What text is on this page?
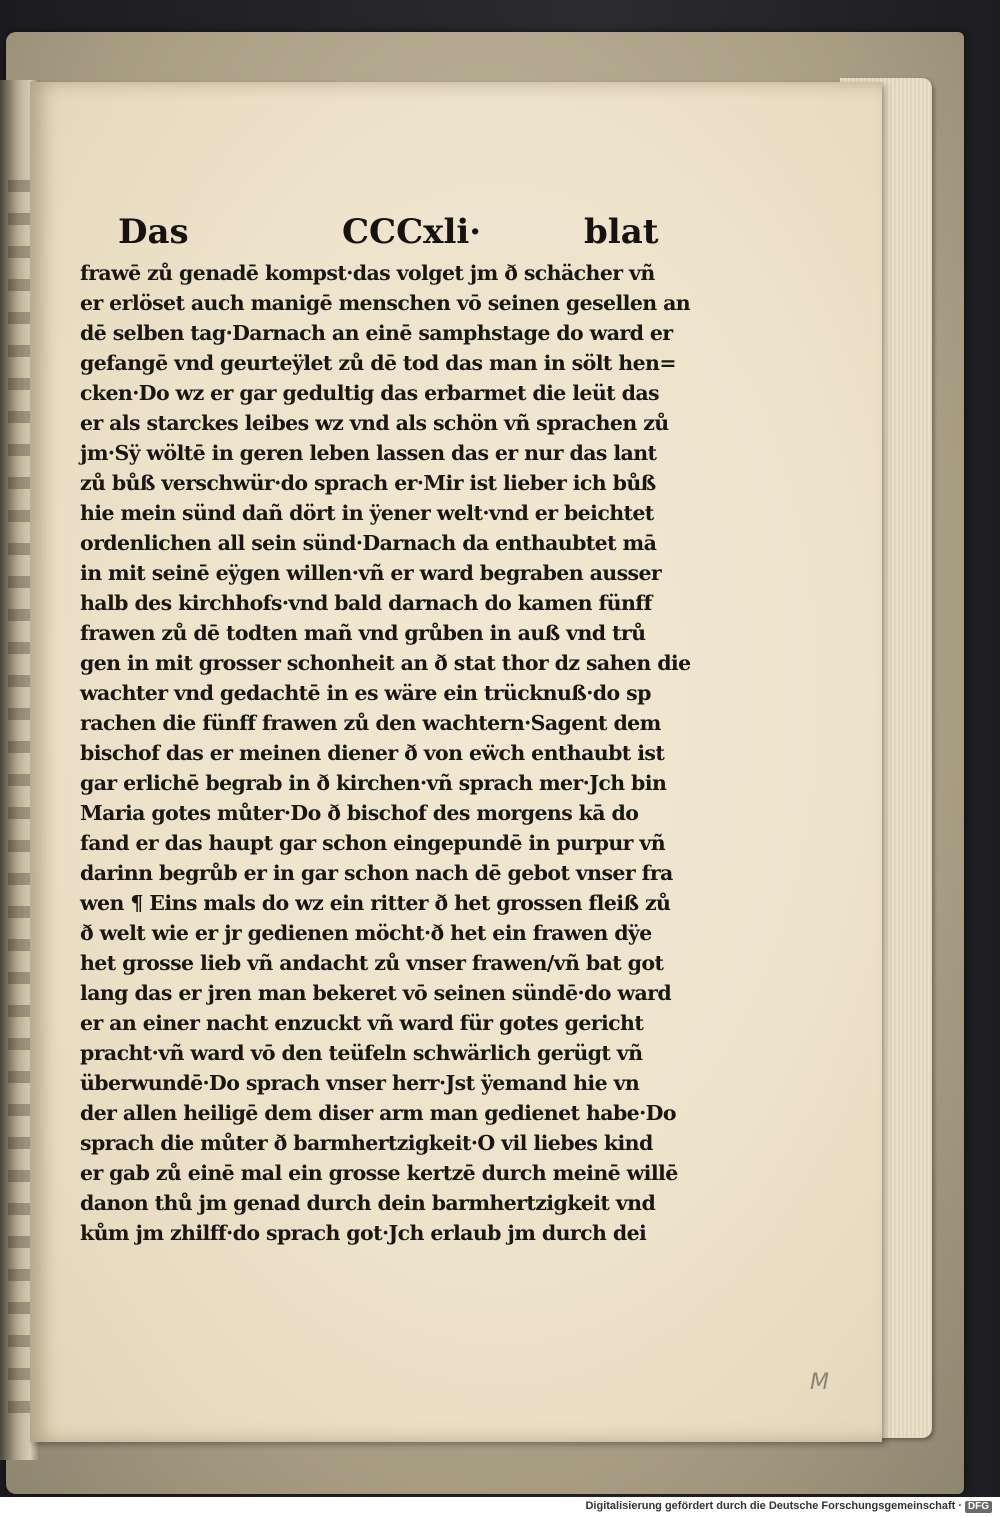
Das	CCCxli·	blat
frawē zů genadē kompst·das volget jm ð schächer vñ
er erlöset auch manigē menschen vō seinen gesellen an
dē selben tag·Darnach an einē samphstage do ward er
gefangē vnd geurteÿlet zů dē tod das man in sölt hen=
cken·Do wz er gar gedultig das erbarmet die leüt das
er als starckes leibes wz vnd als schön vñ sprachen zů
jm·Sÿ wöltē in geren leben lassen das er nur das lant
zů bůß verschwür·do sprach er·Mir ist lieber ich bůß
hie mein sünd dañ dört in ÿener welt·vnd er beichtet
ordenlichen all sein sünd·Darnach da enthaubtet mā
in mit seinē eÿgen willen·vñ er ward begraben ausser
halb des kirchhofs·vnd bald darnach do kamen fünff
frawen zů dē todten mañ vnd grůben in auß vnd trů
gen in mit grosser schonheit an ð stat thor dz sahen die
wachter vnd gedachtē in es wäre ein trücknuß·do sp
rachen die fünff frawen zů den wachtern·Sagent dem
bischof das er meinen diener ð von eẅch enthaubt ist
gar erlichē begrab in ð kirchen·vñ sprach mer·Jch bin
Maria gotes můter·Do ð bischof des morgens kā do
fand er das haupt gar schon eingepundē in purpur vñ
darinn begrůb er in gar schon nach dē gebot vnser fra
wen ¶ Eins mals do wz ein ritter ð het grossen fleiß zů
ð welt wie er jr gedienen möcht·ð het ein frawen dÿe
het grosse lieb vñ andacht zů vnser frawen/vñ bat got
lang das er jren man bekeret vō seinen sündē·do ward
er an einer nacht enzuckt vñ ward für gotes gericht
pracht·vñ ward vō den teüfeln schwärlich gerügt vñ
überwundē·Do sprach vnser herr·Jst ÿemand hie vn
der allen heiligē dem diser arm man gedienet habe·Do
sprach die můter ð barmhertzigkeit·O vil liebes kind
er gab zů einē mal ein grosse kertzē durch meinē willē
danon thů jm genad durch dein barmhertzigkeit vnd
kům jm zhilff·do sprach got·Jch erlaub jm durch dei
M
Digitalisierung gefördert durch die Deutsche Forschungsgemeinschaft · DFG
